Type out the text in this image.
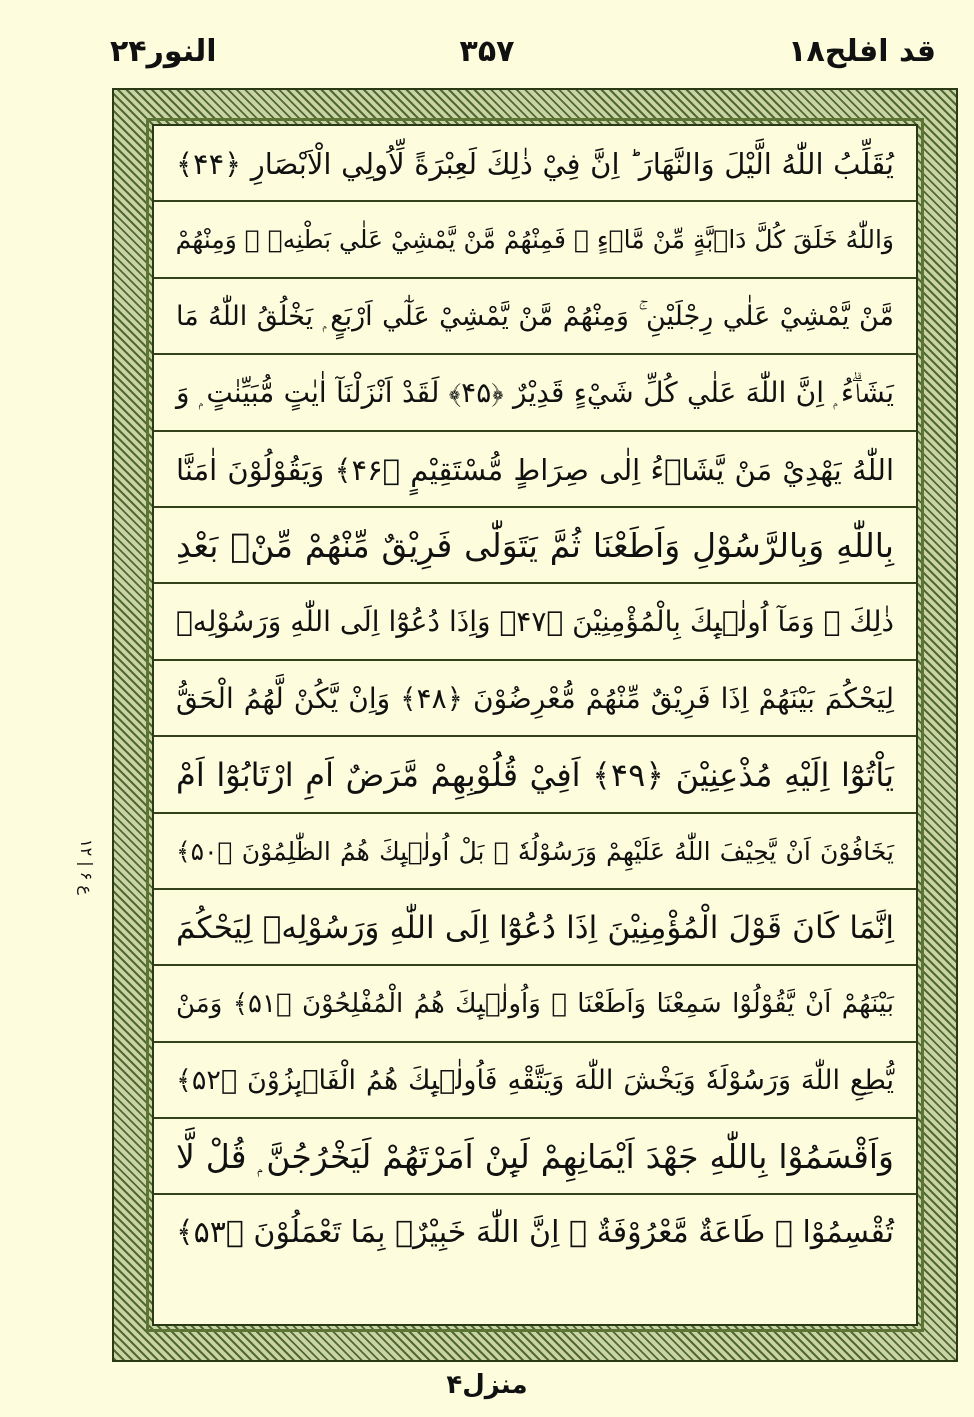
قد افلح۱۸
۳۵۷
النور۲۴
ع ۶ | ۱۲
يُقَلِّبُ اللّٰهُ الَّيْلَ وَالنَّهَارَ ؕ اِنَّ فِيْ ذٰلِكَ لَعِبْرَةً لِّاُولِي الْاَبْصَارِ ﴿۴۴﴾
وَاللّٰهُ خَلَقَ كُلَّ دَاۗبَّةٍ مِّنْ مَّاۗءٍ ۚ فَمِنْهُمْ مَّنْ يَّمْشِيْ عَلٰي بَطْنِهٖ ۚ وَمِنْهُمْ
مَّنْ يَّمْشِيْ عَلٰي رِجْلَيْنِ ۚ وَمِنْهُمْ مَّنْ يَّمْشِيْ عَلٰٓي اَرْبَعٍ ۭ يَخْلُقُ اللّٰهُ مَا
يَشَاۗءُ ۭ اِنَّ اللّٰهَ عَلٰي كُلِّ شَيْءٍ قَدِيْرٌ ﴿۴۵﴾ لَقَدْ اَنْزَلْنَآ اٰيٰتٍ مُّبَيِّنٰتٍ ۭ وَ
اللّٰهُ يَهْدِيْ مَنْ يَّشَاۗءُ اِلٰى صِرَاطٍ مُّسْتَقِيْمٍ ﴿۴۶﴾ وَيَقُوْلُوْنَ اٰمَنَّا
بِاللّٰهِ وَبِالرَّسُوْلِ وَاَطَعْنَا ثُمَّ يَتَوَلّٰى فَرِيْقٌ مِّنْهُمْ مِّنْۢ بَعْدِ
ذٰلِكَ ۭ وَمَآ اُولٰۗىِٕكَ بِالْمُؤْمِنِيْنَ ﴿۴۷﴾ وَاِذَا دُعُوْٓا اِلَى اللّٰهِ وَرَسُوْلِهٖ
لِيَحْكُمَ بَيْنَهُمْ اِذَا فَرِيْقٌ مِّنْهُمْ مُّعْرِضُوْنَ ﴿۴۸﴾ وَاِنْ يَّكُنْ لَّهُمُ الْحَقُّ
يَاْتُوْٓا اِلَيْهِ مُذْعِنِيْنَ ﴿۴۹﴾ اَفِيْ قُلُوْبِهِمْ مَّرَضٌ اَمِ ارْتَابُوْٓا اَمْ
يَخَافُوْنَ اَنْ يَّحِيْفَ اللّٰهُ عَلَيْهِمْ وَرَسُوْلُهٗ ۭ بَلْ اُولٰۗىِٕكَ هُمُ الظّٰلِمُوْنَ ﴿۵۰﴾
اِنَّمَا كَانَ قَوْلَ الْمُؤْمِنِيْنَ اِذَا دُعُوْٓا اِلَى اللّٰهِ وَرَسُوْلِهٖ لِيَحْكُمَ
بَيْنَهُمْ اَنْ يَّقُوْلُوْا سَمِعْنَا وَاَطَعْنَا ۭ وَاُولٰۗىِٕكَ هُمُ الْمُفْلِحُوْنَ ﴿۵۱﴾ وَمَنْ
يُّطِعِ اللّٰهَ وَرَسُوْلَهٗ وَيَخْشَ اللّٰهَ وَيَتَّقْهِ فَاُولٰۗىِٕكَ هُمُ الْفَاۗىِٕزُوْنَ ﴿۵۲﴾
وَاَقْسَمُوْا بِاللّٰهِ جَهْدَ اَيْمَانِهِمْ لَىِٕنْ اَمَرْتَهُمْ لَيَخْرُجُنَّ ۭ قُلْ لَّا
تُقْسِمُوْا ۚ طَاعَةٌ مَّعْرُوْفَةٌ ۭ اِنَّ اللّٰهَ خَبِيْرٌۢ بِمَا تَعْمَلُوْنَ ﴿۵۳﴾
منزل۴
